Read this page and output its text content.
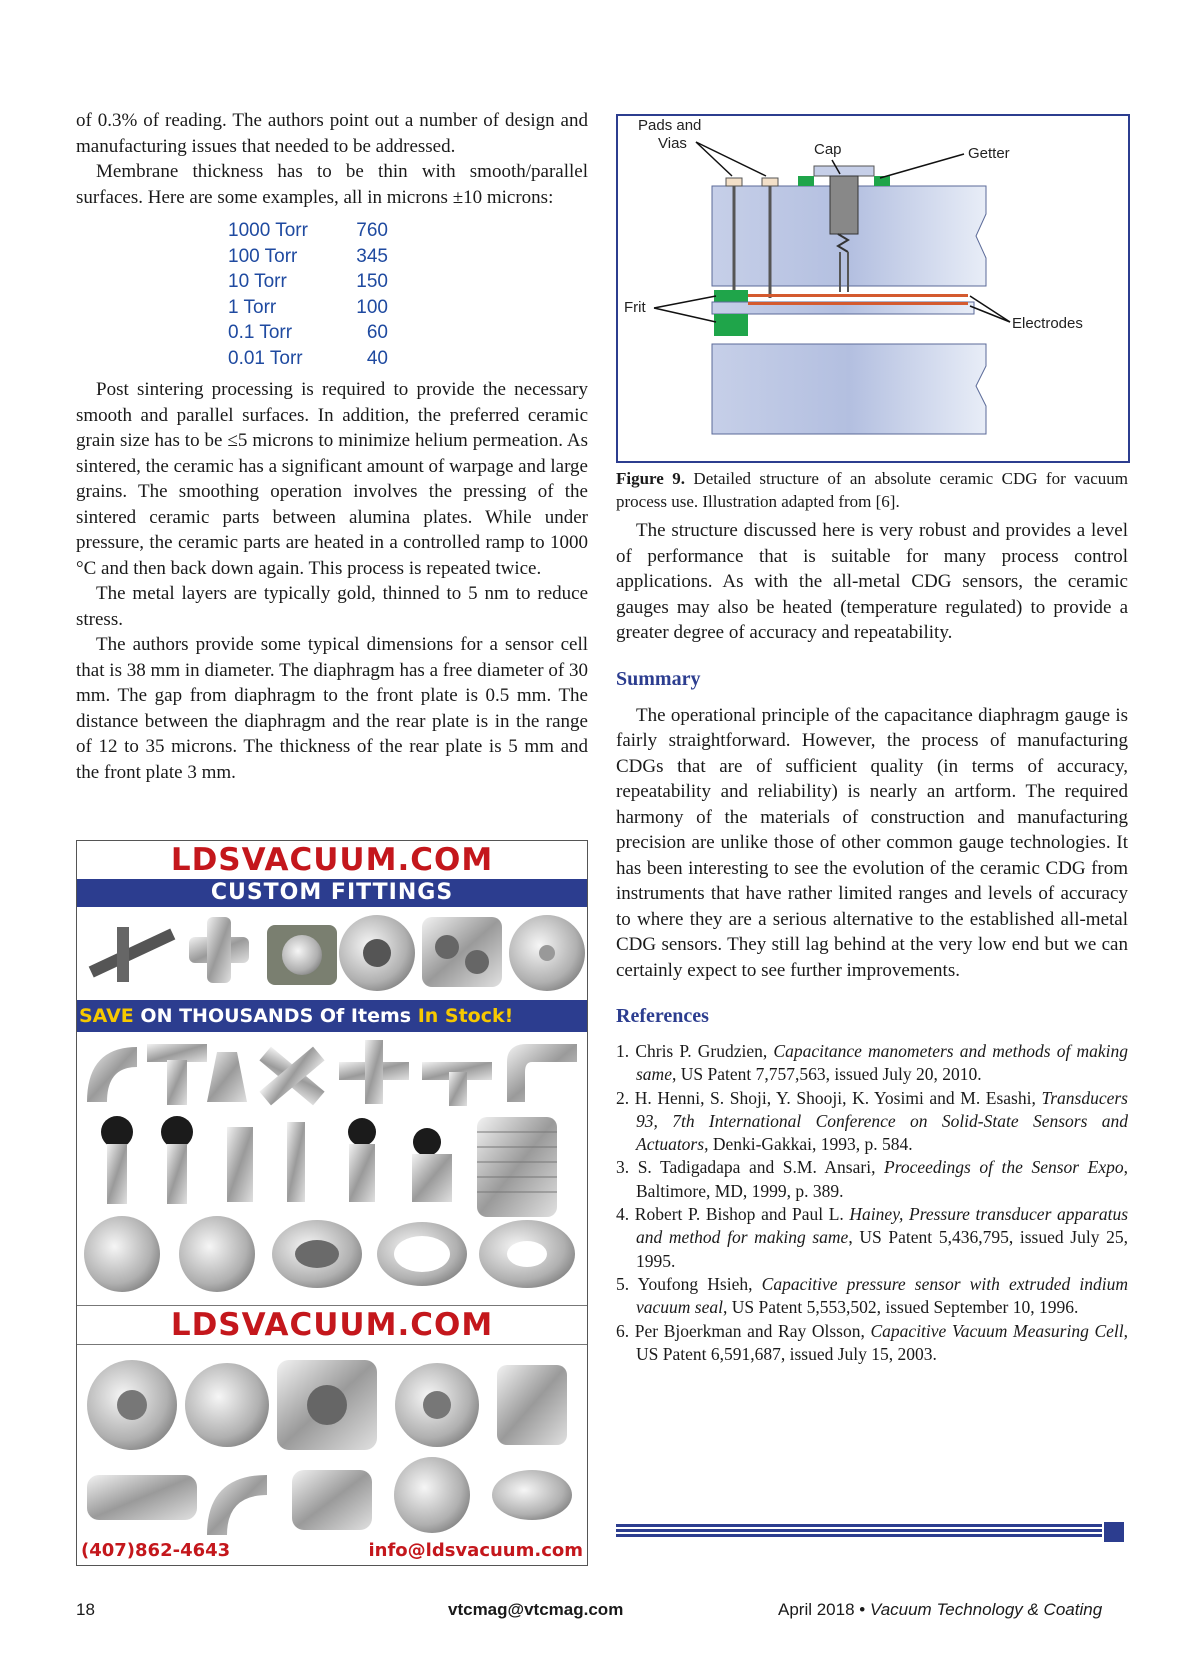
of 0.3% of reading. The authors point out a number of design and manufacturing issues that needed to be addressed.

Membrane thickness has to be thin with smooth/parallel surfaces. Here are some examples, all in microns ±10 microns:

1000 Torr	760
100 Torr	345
10 Torr	150
1 Torr	100
0.1 Torr	60
0.01 Torr	40

Post sintering processing is required to provide the necessary smooth and parallel surfaces. In addition, the preferred ceramic grain size has to be ≤5 microns to minimize helium permeation. As sintered, the ceramic has a significant amount of warpage and large grains. The smoothing operation involves the pressing of the sintered ceramic parts between alumina plates. While under pressure, the ceramic parts are heated in a controlled ramp to 1000 °C and then back down again. This process is repeated twice.

The metal layers are typically gold, thinned to 5 nm to reduce stress.

The authors provide some typical dimensions for a sensor cell that is 38 mm in diameter. The diaphragm has a free diameter of 30 mm. The gap from diaphragm to the front plate is 0.5 mm. The distance between the diaphragm and the rear plate is in the range of 12 to 35 microns. The thickness of the rear plate is 5 mm and the front plate 3 mm.

LDSVACUUM.COM
CUSTOM FITTINGS
SAVE ON THOUSANDS Of Items In Stock!
LDSVACUUM.COM
(407)862-4643	info@ldsvacuum.com
Pads and
Vias	Cap	Getter
Frit
Electrodes
Figure 9. Detailed structure of an absolute ceramic CDG for vacuum process use. Illustration adapted from [6].

The structure discussed here is very robust and provides a level of performance that is suitable for many process control applications. As with the all-metal CDG sensors, the ceramic gauges may also be heated (temperature regulated) to provide a greater degree of accuracy and repeatability.

Summary

The operational principle of the capacitance diaphragm gauge is fairly straightforward. However, the process of manufacturing CDGs that are of sufficient quality (in terms of accuracy, repeatability and reliability) is nearly an artform. The required harmony of the materials of construction and manufacturing precision are unlike those of other common gauge technologies. It has been interesting to see the evolution of the ceramic CDG from instruments that have rather limited ranges and levels of accuracy to where they are a serious alternative to the established all-metal CDG sensors. They still lag behind at the very low end but we can certainly expect to see further improvements.

References
1. Chris P. Grudzien, Capacitance manometers and methods of making same, US Patent 7,757,563, issued July 20, 2010.
2. H. Henni, S. Shoji, Y. Shooji, K. Yosimi and M. Esashi, Transducers 93, 7th International Conference on Solid-State Sensors and Actuators, Denki-Gakkai, 1993, p. 584.
3. S. Tadigadapa and S.M. Ansari, Proceedings of the Sensor Expo, Baltimore, MD, 1999, p. 389.
4. Robert P. Bishop and Paul L. Hainey, Pressure transducer apparatus and method for making same, US Patent 5,436,795, issued July 25, 1995.
5. Youfong Hsieh, Capacitive pressure sensor with extruded indium vacuum seal, US Patent 5,553,502, issued September 10, 1996.
6. Per Bjoerkman and Ray Olsson, Capacitive Vacuum Measuring Cell, US Patent 6,591,687, issued July 15, 2003.
18	vtcmag@vtcmag.com	April 2018 • Vacuum Technology & Coating
